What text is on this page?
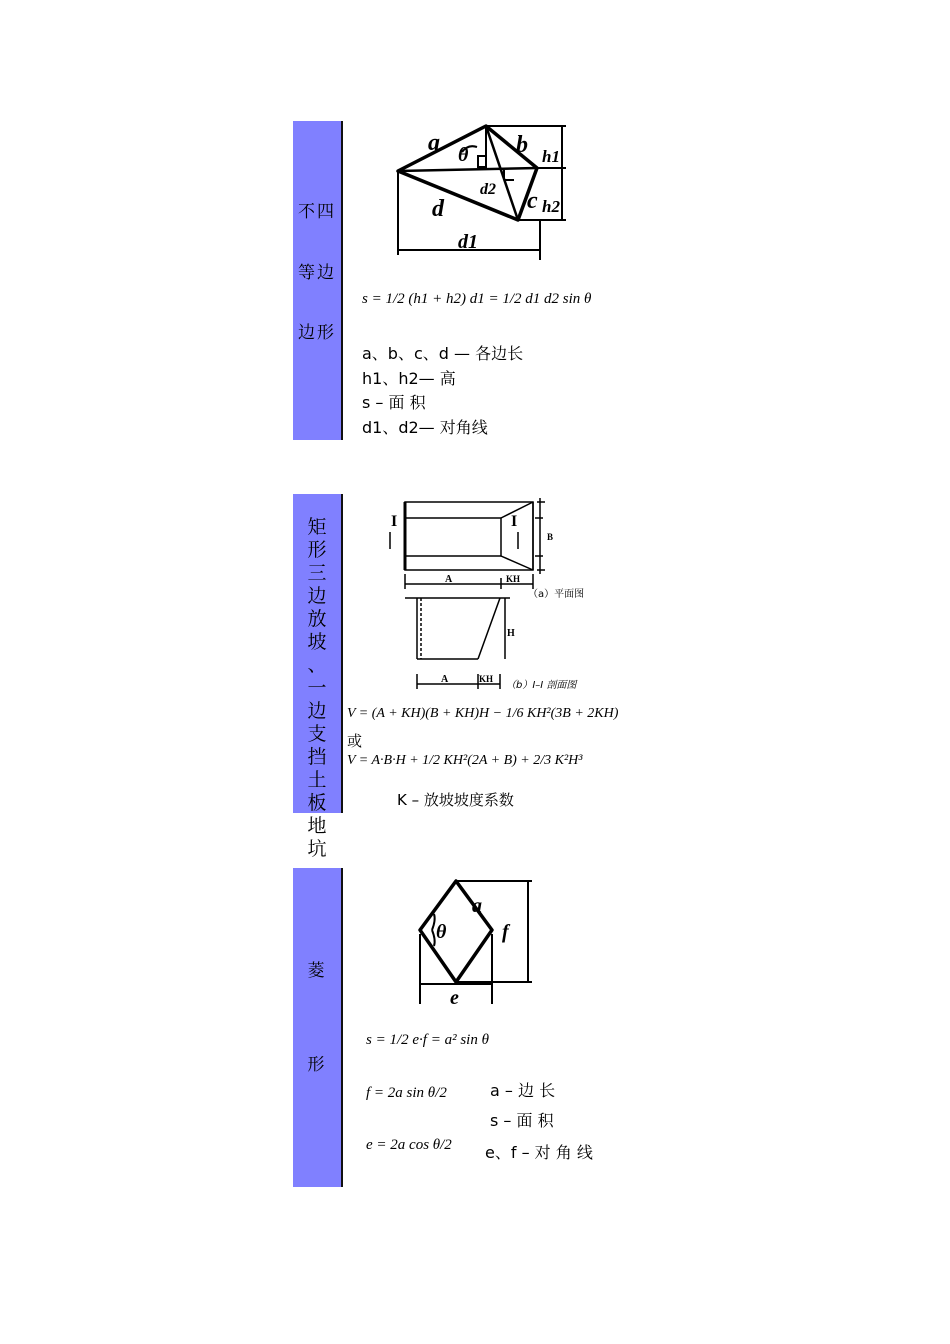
不四
等边
边形
a	b
c
d
θ	h1
h2
d1
d2
s = 1/2 (h1 + h2) d1 = 1/2 d1 d2 sin θ
a、b、c、d — 各边长
h1、h2— 高
s – 面 积
d1、d2— 对角线
矩
形
三
边
放
坡
、
一
边
支
挡
土
板
地
坑
I	I
A	KH
B
H
A	KH
（a）平面图
（b）I–I 剖面图
V = (A + KH)(B + KH)H − 1/6 KH²(3B + 2KH)
或
V = A·B·H + 1/2 KH²(2A + B) + 2/3 K²H³
K – 放坡坡度系数
菱
形
a
θ
e
f
s = 1/2 e·f = a² sin θ
f = 2a sin θ/2
e = 2a cos θ/2
a – 边 长
s – 面 积
e、f – 对 角 线
